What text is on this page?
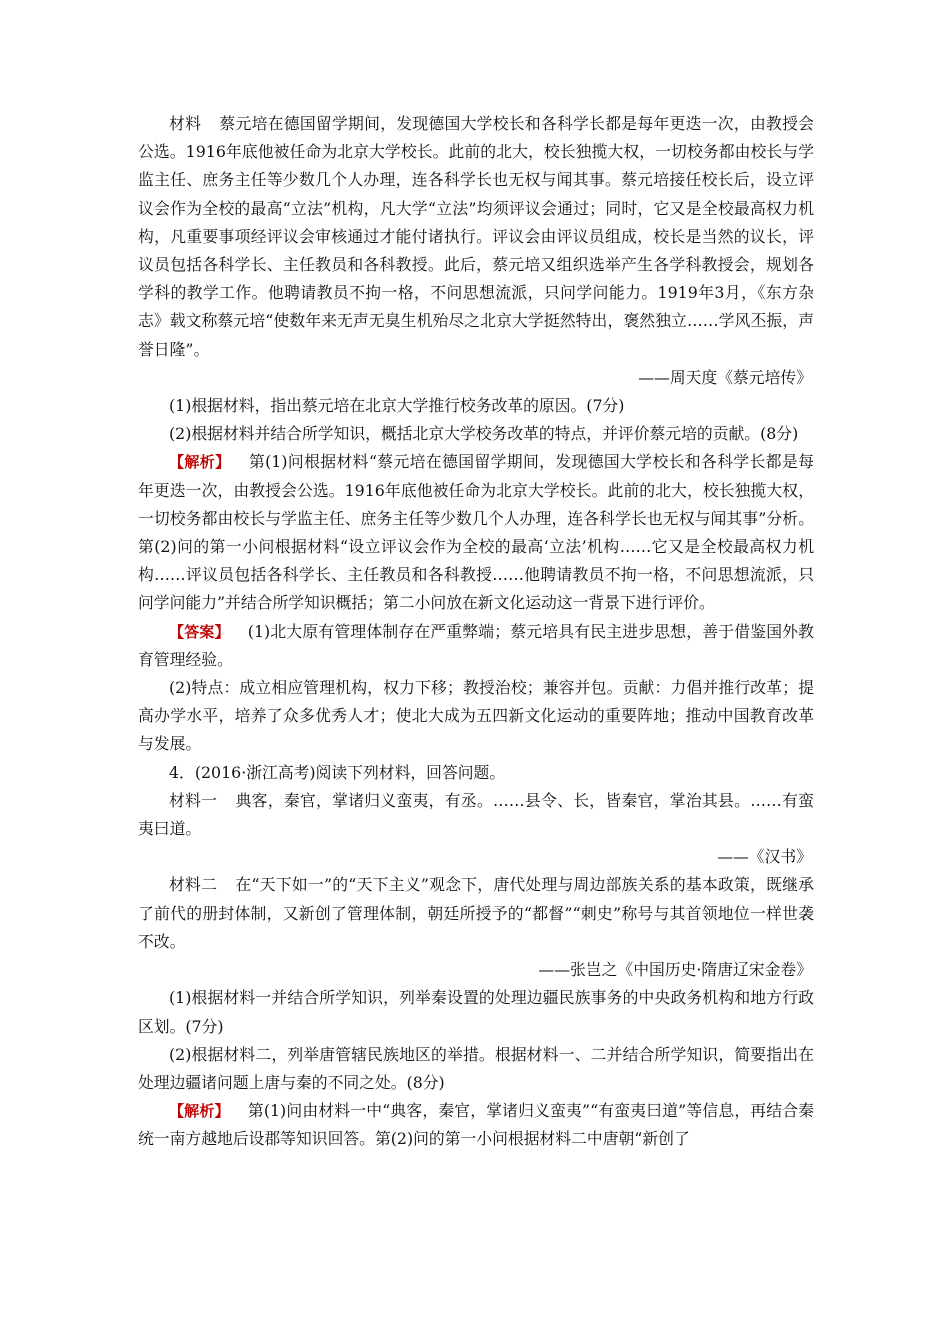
材料 蔡元培在德国留学期间，发现德国大学校长和各科学长都是每年更迭一次，由教授会公选。1916年底他被任命为北京大学校长。此前的北大，校长独揽大权，一切校务都由校长与学监主任、庶务主任等少数几个人办理，连各科学长也无权与闻其事。蔡元培接任校长后，设立评议会作为全校的最高“立法”机构，凡大学“立法”均须评议会通过；同时，它又是全校最高权力机构，凡重要事项经评议会审核通过才能付诸执行。评议会由评议员组成，校长是当然的议长，评议员包括各科学长、主任教员和各科教授。此后，蔡元培又组织选举产生各学科教授会，规划各学科的教学工作。他聘请教员不拘一格，不问思想流派，只问学问能力。1919年3月，《东方杂志》载文称蔡元培“使数年来无声无臭生机殆尽之北京大学挺然特出，褒然独立……学风丕振，声誉日隆”。

——周天度《蔡元培传》

(1)根据材料，指出蔡元培在北京大学推行校务改革的原因。(7分)

(2)根据材料并结合所学知识，概括北京大学校务改革的特点，并评价蔡元培的贡献。(8分)

【解析】 第(1)问根据材料“蔡元培在德国留学期间，发现德国大学校长和各科学长都是每年更迭一次，由教授会公选。1916年底他被任命为北京大学校长。此前的北大，校长独揽大权，一切校务都由校长与学监主任、庶务主任等少数几个人办理，连各科学长也无权与闻其事”分析。第(2)问的第一小问根据材料“设立评议会作为全校的最高‘立法’机构……它又是全校最高权力机构……评议员包括各科学长、主任教员和各科教授……他聘请教员不拘一格，不问思想流派，只问学问能力”并结合所学知识概括；第二小问放在新文化运动这一背景下进行评价。

【答案】 (1)北大原有管理体制存在严重弊端；蔡元培具有民主进步思想，善于借鉴国外教育管理经验。

(2)特点：成立相应管理机构，权力下移；教授治校；兼容并包。贡献：力倡并推行改革；提高办学水平，培养了众多优秀人才；使北大成为五四新文化运动的重要阵地；推动中国教育改革与发展。

4．(2016·浙江高考)阅读下列材料，回答问题。

材料一 典客，秦官，掌诸归义蛮夷，有丞。……县令、长，皆秦官，掌治其县。……有蛮夷曰道。

——《汉书》

材料二 在“天下如一”的“天下主义”观念下，唐代处理与周边部族关系的基本政策，既继承了前代的册封体制，又新创了管理体制，朝廷所授予的“都督”“刺史”称号与其首领地位一样世袭不改。

——张岂之《中国历史·隋唐辽宋金卷》

(1)根据材料一并结合所学知识，列举秦设置的处理边疆民族事务的中央政务机构和地方行政区划。(7分)

(2)根据材料二，列举唐管辖民族地区的举措。根据材料一、二并结合所学知识，简要指出在处理边疆诸问题上唐与秦的不同之处。(8分)

【解析】 第(1)问由材料一中“典客，秦官，掌诸归义蛮夷”“有蛮夷曰道”等信息，再结合秦统一南方越地后设郡等知识回答。第(2)问的第一小问根据材料二中唐朝“新创了
